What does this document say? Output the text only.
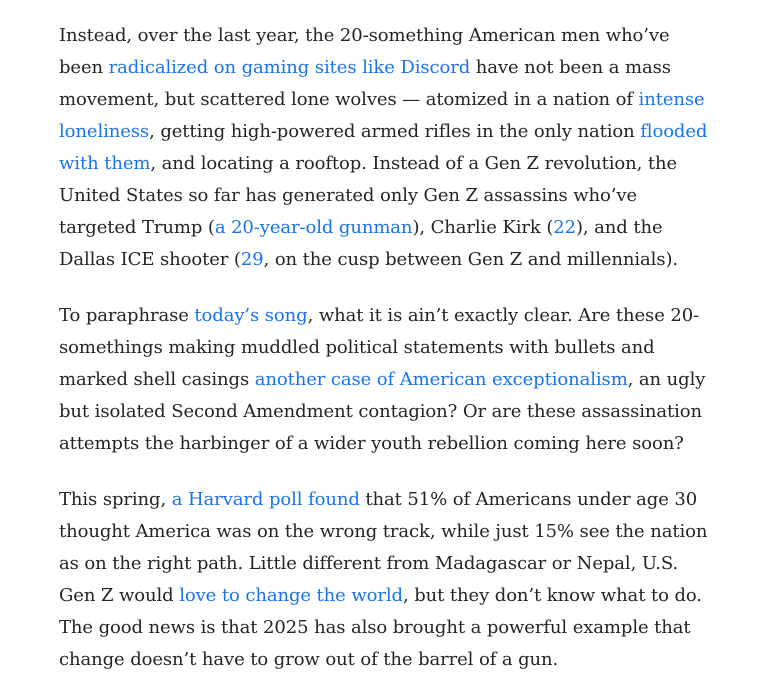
Instead, over the last year, the 20-something American men who’ve been radicalized on gaming sites like Discord have not been a mass movement, but scattered lone wolves — atomized in a nation of intense loneliness, getting high-powered armed rifles in the only nation flooded with them, and locating a rooftop. Instead of a Gen Z revolution, the United States so far has generated only Gen Z assassins who’ve targeted Trump (a 20-year-old gunman), Charlie Kirk (22), and the Dallas ICE shooter (29, on the cusp between Gen Z and millennials).

To paraphrase today’s song, what it is ain’t exactly clear. Are these 20-somethings making muddled political statements with bullets and marked shell casings another case of American exceptionalism, an ugly but isolated Second Amendment contagion? Or are these assassination attempts the harbinger of a wider youth rebellion coming here soon?

This spring, a Harvard poll found that 51% of Americans under age 30 thought America was on the wrong track, while just 15% see the nation as on the right path. Little different from Madagascar or Nepal, U.S. Gen Z would love to change the world, but they don’t know what to do. The good news is that 2025 has also brought a powerful example that change doesn’t have to grow out of the barrel of a gun.
